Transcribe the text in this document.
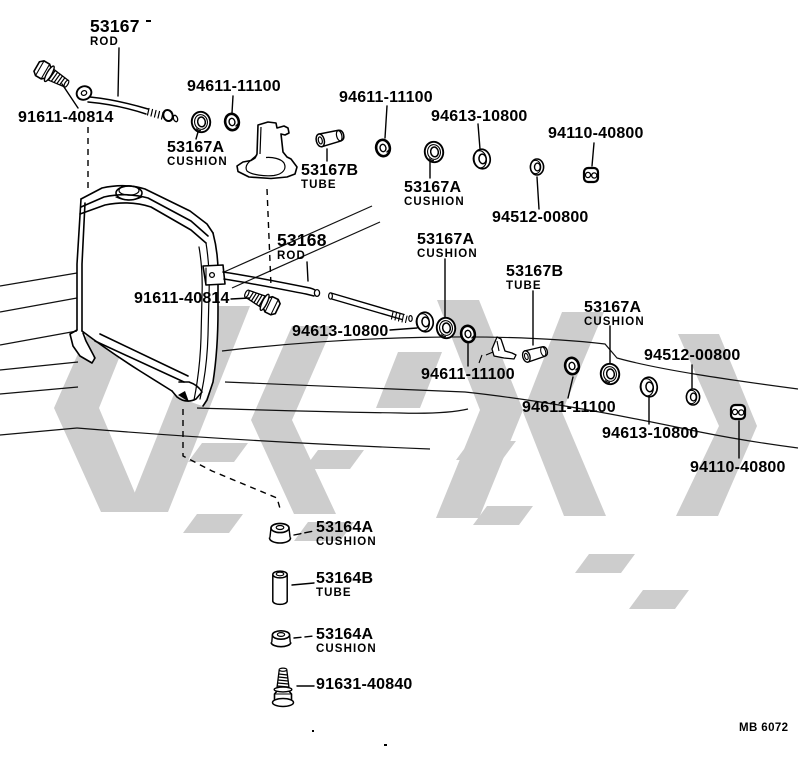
53167
ROD
91611-40814
94611-11100
53167A
CUSHION
94611-11100
53167B
TUBE
94613-10800
53167A
CUSHION
94110-40800
94512-00800
53167A
CUSHION
53168
ROD
91611-40814
94613-10800
94611-11100
53167B
TUBE
53167A
CUSHION
94512-00800
94611-11100
94613-10800
94110-40800
53164A
CUSHION
53164B
TUBE
53164A
CUSHION
91631-40840
MB 6072
